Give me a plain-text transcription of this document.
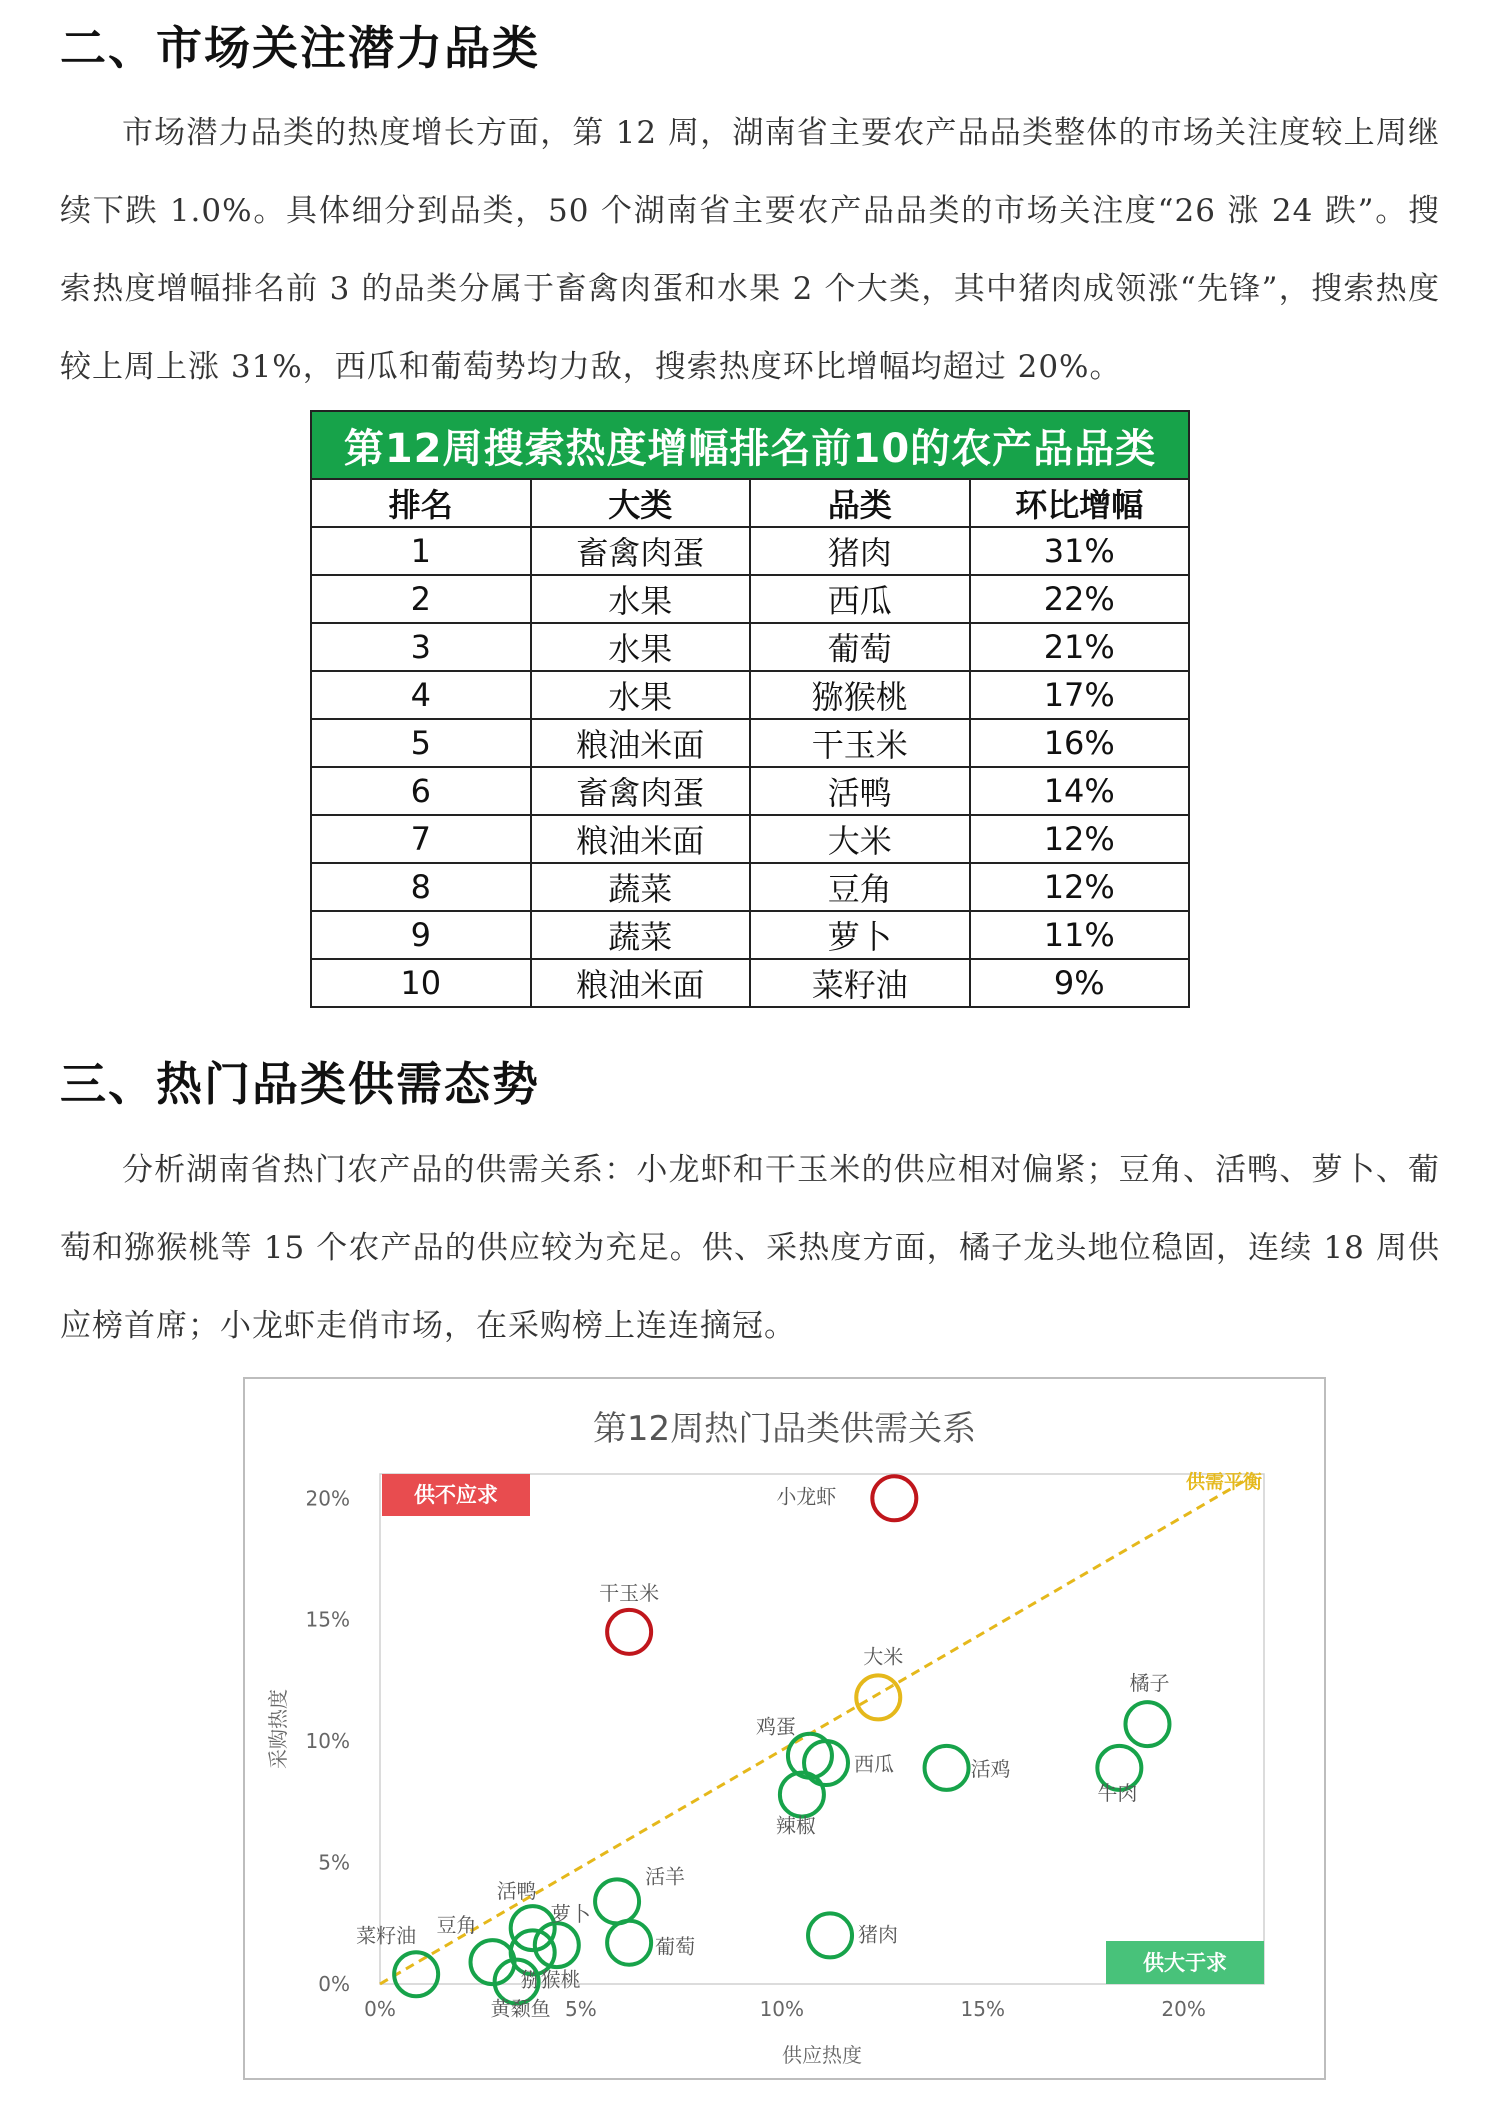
二、市场关注潜力品类

市场潜力品类的热度增长方面，第 12 周，湖南省主要农产品品类整体的市场关注度较上周继续下跌 1.0%。具体细分到品类，50 个湖南省主要农产品品类的市场关注度“26 涨 24 跌”。搜索热度增幅排名前 3 的品类分属于畜禽肉蛋和水果 2 个大类，其中猪肉成领涨“先锋”，搜索热度较上周上涨 31%，西瓜和葡萄势均力敌，搜索热度环比增幅均超过 20%。

第12周搜索热度增幅排名前10的农产品品类			
排名	大类	品类	环比增幅
1	畜禽肉蛋	猪肉	31%
2	水果	西瓜	22%
3	水果	葡萄	21%
4	水果	猕猴桃	17%
5	粮油米面	干玉米	16%
6	畜禽肉蛋	活鸭	14%
7	粮油米面	大米	12%
8	蔬菜	豆角	12%
9	蔬菜	萝卜	11%
10	粮油米面	菜籽油	9%
三、热门品类供需态势

分析湖南省热门农产品的供需关系：小龙虾和干玉米的供应相对偏紧；豆角、活鸭、萝卜、葡萄和猕猴桃等 15 个农产品的供应较为充足。供、采热度方面，橘子龙头地位稳固，连续 18 周供应榜首席；小龙虾走俏市场，在采购榜上连连摘冠。

第12周热门品类供需关系
0%
5%
10%
15%
20%
0%	5%	10%	15%	20%
供应热度
采购热度
供需平衡
供不应求
供大于求
小龙虾
干玉米
大米
橘子
牛肉
鸡蛋
西瓜
辣椒
活鸡
猪肉
活羊
葡萄
活鸭
萝卜
猕猴桃
豆角
菜籽油
黄颡鱼
